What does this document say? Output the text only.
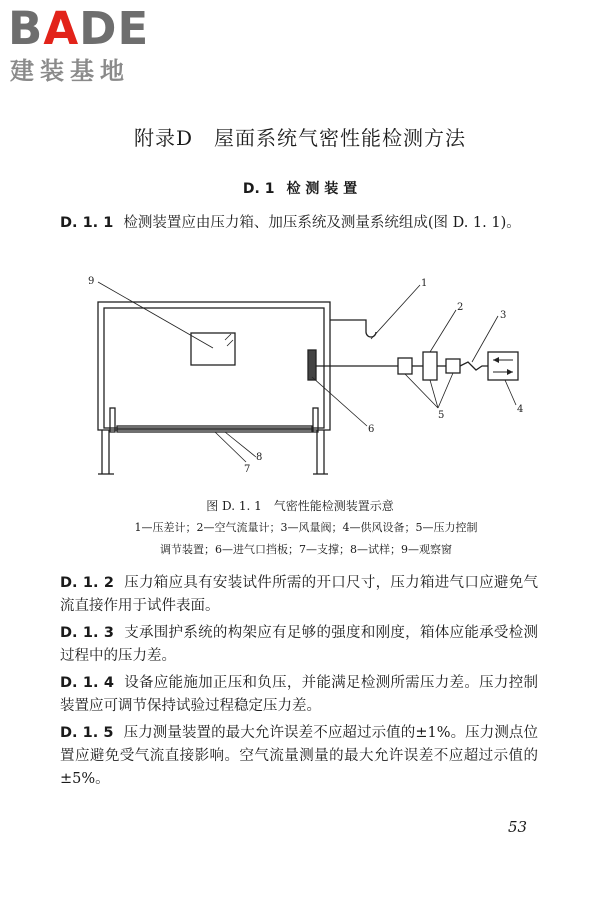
BADE
建装基地
附录D　屋面系统气密性能检测方法
D. 1 检 测 装 置
D. 1. 1 检测装置应由压力箱、加压系统及测量系统组成(图 D. 1. 1)。
1
2
3
4
5
6
7
8
9
图 D. 1. 1　气密性能检测装置示意
1—压差计；2—空气流量计；3—风量阀；4—供风设备；5—压力控制
调节装置；6—进气口挡板；7—支撑；8—试样；9—观察窗
D. 1. 2 压力箱应具有安装试件所需的开口尺寸，压力箱进气口应避免气流直接作用于试件表面。
D. 1. 3 支承围护系统的构架应有足够的强度和刚度，箱体应能承受检测过程中的压力差。
D. 1. 4 设备应能施加正压和负压，并能满足检测所需压力差。压力控制装置应可调节保持试验过程稳定压力差。
D. 1. 5 压力测量装置的最大允许误差不应超过示值的±1%。压力测点位置应避免受气流直接影响。空气流量测量的最大允许误差不应超过示值的±5%。
53
